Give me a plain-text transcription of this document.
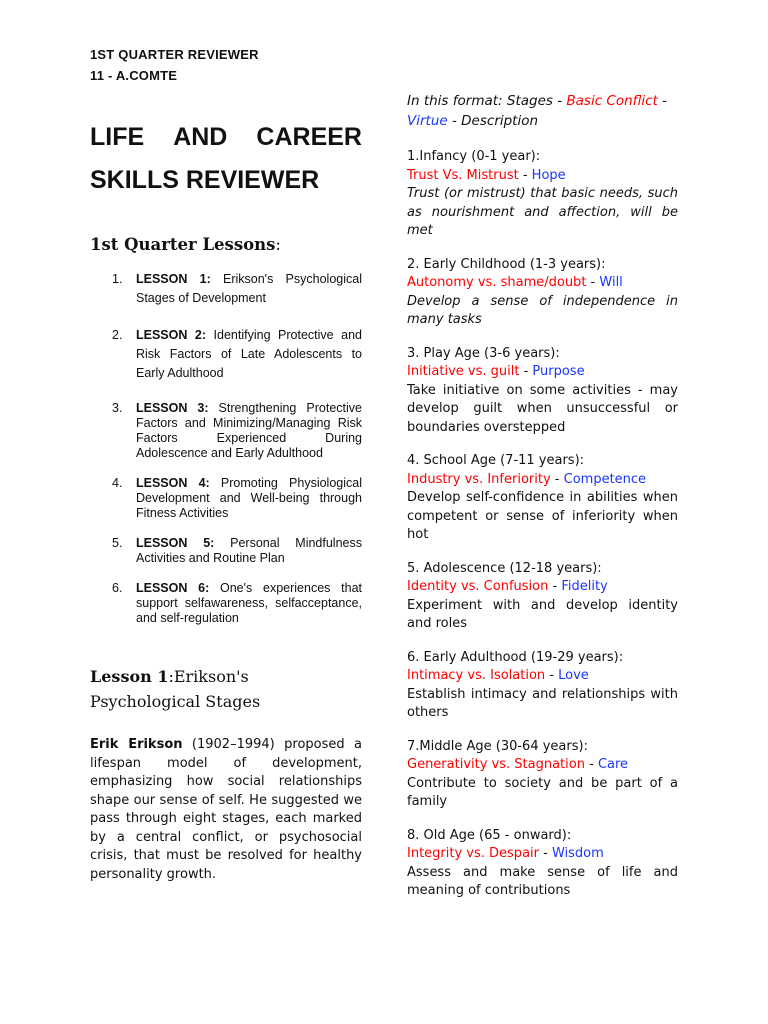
1ST QUARTER REVIEWER
11 - A.COMTE
LIFE AND CAREER
SKILLS REVIEWER
1st Quarter Lessons:
1. LESSON 1: Erikson's Psychological Stages of Development
2. LESSON 2: Identifying Protective and Risk Factors of Late Adolescents to Early Adulthood
3. LESSON 3: Strengthening Protective Factors and Minimizing/Managing Risk Factors Experienced During Adolescence and Early Adulthood
4. LESSON 4: Promoting Physiological Development and Well-being through Fitness Activities
5. LESSON 5: Personal Mindfulness Activities and Routine Plan
6. LESSON 6: One's experiences that support selfawareness, selfacceptance, and self-regulation
Lesson 1:Erikson's Psychological Stages
Erik Erikson (1902–1994) proposed a lifespan model of development, emphasizing how social relationships shape our sense of self. He suggested we pass through eight stages, each marked by a central conflict, or psychosocial crisis, that must be resolved for healthy personality growth.
In this format: Stages - Basic Conflict - Virtue - Description
1.Infancy (0-1 year):
Trust Vs. Mistrust - Hope
Trust (or mistrust) that basic needs, such as nourishment and affection, will be met
2. Early Childhood (1-3 years):
Autonomy vs. shame/doubt - Will
Develop a sense of independence in many tasks
3. Play Age (3-6 years):
Initiative vs. guilt - Purpose
Take initiative on some activities - may develop guilt when unsuccessful or boundaries overstepped
4. School Age (7-11 years):
Industry vs. Inferiority - Competence
Develop self-confidence in abilities when competent or sense of inferiority when hot
5. Adolescence (12-18 years):
Identity vs. Confusion - Fidelity
Experiment with and develop identity and roles
6. Early Adulthood (19-29 years):
Intimacy vs. Isolation - Love
Establish intimacy and relationships with others
7.Middle Age (30-64 years):
Generativity vs. Stagnation - Care
Contribute to society and be part of a family
8. Old Age (65 - onward):
Integrity vs. Despair - Wisdom
Assess and make sense of life and meaning of contributions
